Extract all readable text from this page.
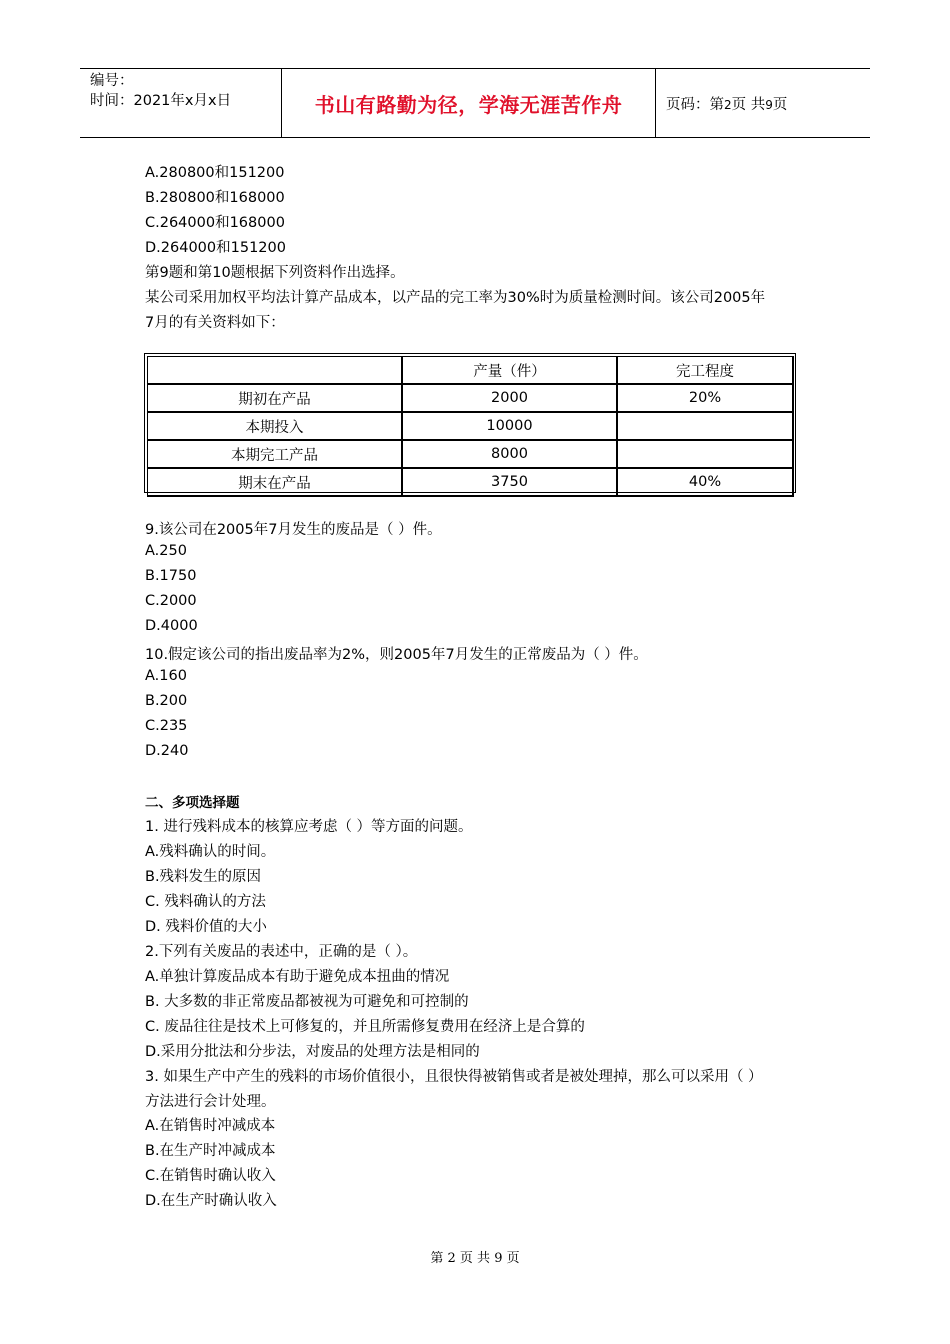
编号：
时间：2021年x月x日	书山有路勤为径，学海无涯苦作舟	页码：第2页 共9页
A.280800和151200
B.280800和168000
C.264000和168000
D.264000和151200
第9题和第10题根据下列资料作出选择。
某公司采用加权平均法计算产品成本，以产品的完工率为30%时为质量检测时间。该公司2005年
7月的有关资料如下：
	产量（件）	完工程度
期初在产品	2000	20%
本期投入	10000	
本期完工产品	8000	
期末在产品	3750	40%
9.该公司在2005年7月发生的废品是（ ）件。
A.250
B.1750
C.2000
D.4000
10.假定该公司的指出废品率为2%，则2005年7月发生的正常废品为（ ）件。
A.160
B.200
C.235
D.240
二、多项选择题
1. 进行残料成本的核算应考虑（ ）等方面的问题。
A.残料确认的时间。
B.残料发生的原因
C. 残料确认的方法
D. 残料价值的大小
2.下列有关废品的表述中，正确的是（ ）。
A.单独计算废品成本有助于避免成本扭曲的情况
B. 大多数的非正常废品都被视为可避免和可控制的
C. 废品往往是技术上可修复的，并且所需修复费用在经济上是合算的
D.采用分批法和分步法，对废品的处理方法是相同的
3. 如果生产中产生的残料的市场价值很小，且很快得被销售或者是被处理掉，那么可以采用（ ）
方法进行会计处理。
A.在销售时冲减成本
B.在生产时冲减成本
C.在销售时确认收入
D.在生产时确认收入
第 2 页 共 9 页
